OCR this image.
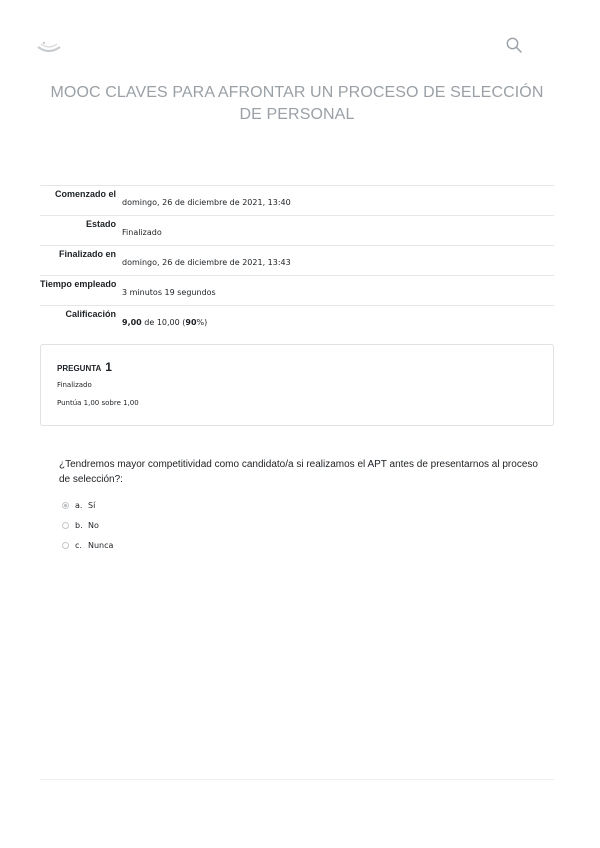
MOOC CLAVES PARA AFRONTAR UN PROCESO DE SELECCIÓN DE PERSONAL
Comenzado el
domingo, 26 de diciembre de 2021, 13:40
Estado
Finalizado
Finalizado en
domingo, 26 de diciembre de 2021, 13:43
Tiempo empleado
3 minutos 19 segundos
Calificación
9,00 de 10,00 (90%)
PREGUNTA 1
Finalizado
Puntúa 1,00 sobre 1,00
¿Tendremos mayor competitividad como candidato/a si realizamos el APT antes de presentarnos al proceso de selección?:
a. Sí
b. No
c. Nunca
